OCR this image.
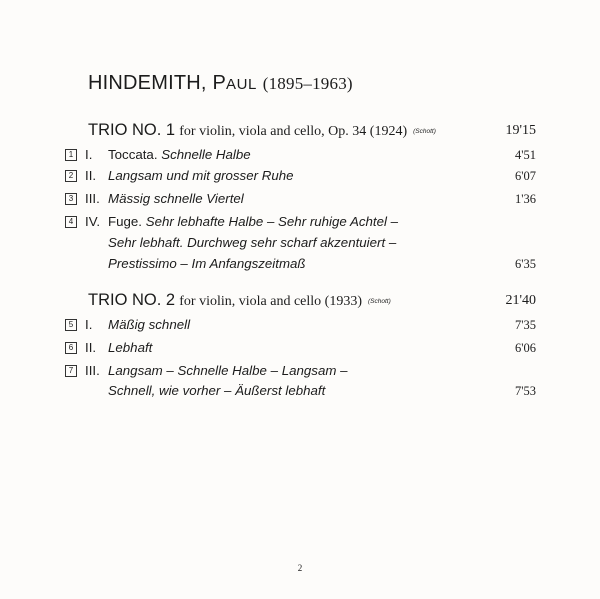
HINDEMITH, PAUL (1895–1963)
TRIO NO. 1 for violin, viola and cello, Op. 34 (1924) (Schott)	19'15
1 I. Toccata. Schnelle Halbe	4'51
2 II. Langsam und mit grosser Ruhe	6'07
3 III. Mässig schnelle Viertel	1'36
4 IV. Fuge. Sehr lebhafte Halbe – Sehr ruhige Achtel –
Sehr lebhaft. Durchweg sehr scharf akzentuiert –
Prestissimo – Im Anfangszeitmaß	6'35
TRIO NO. 2 for violin, viola and cello (1933) (Schott)	21'40
5 I. Mäßig schnell	7'35
6 II. Lebhaft	6'06
7 III. Langsam – Schnelle Halbe – Langsam –
Schnell, wie vorher – Äußerst lebhaft	7'53
2
